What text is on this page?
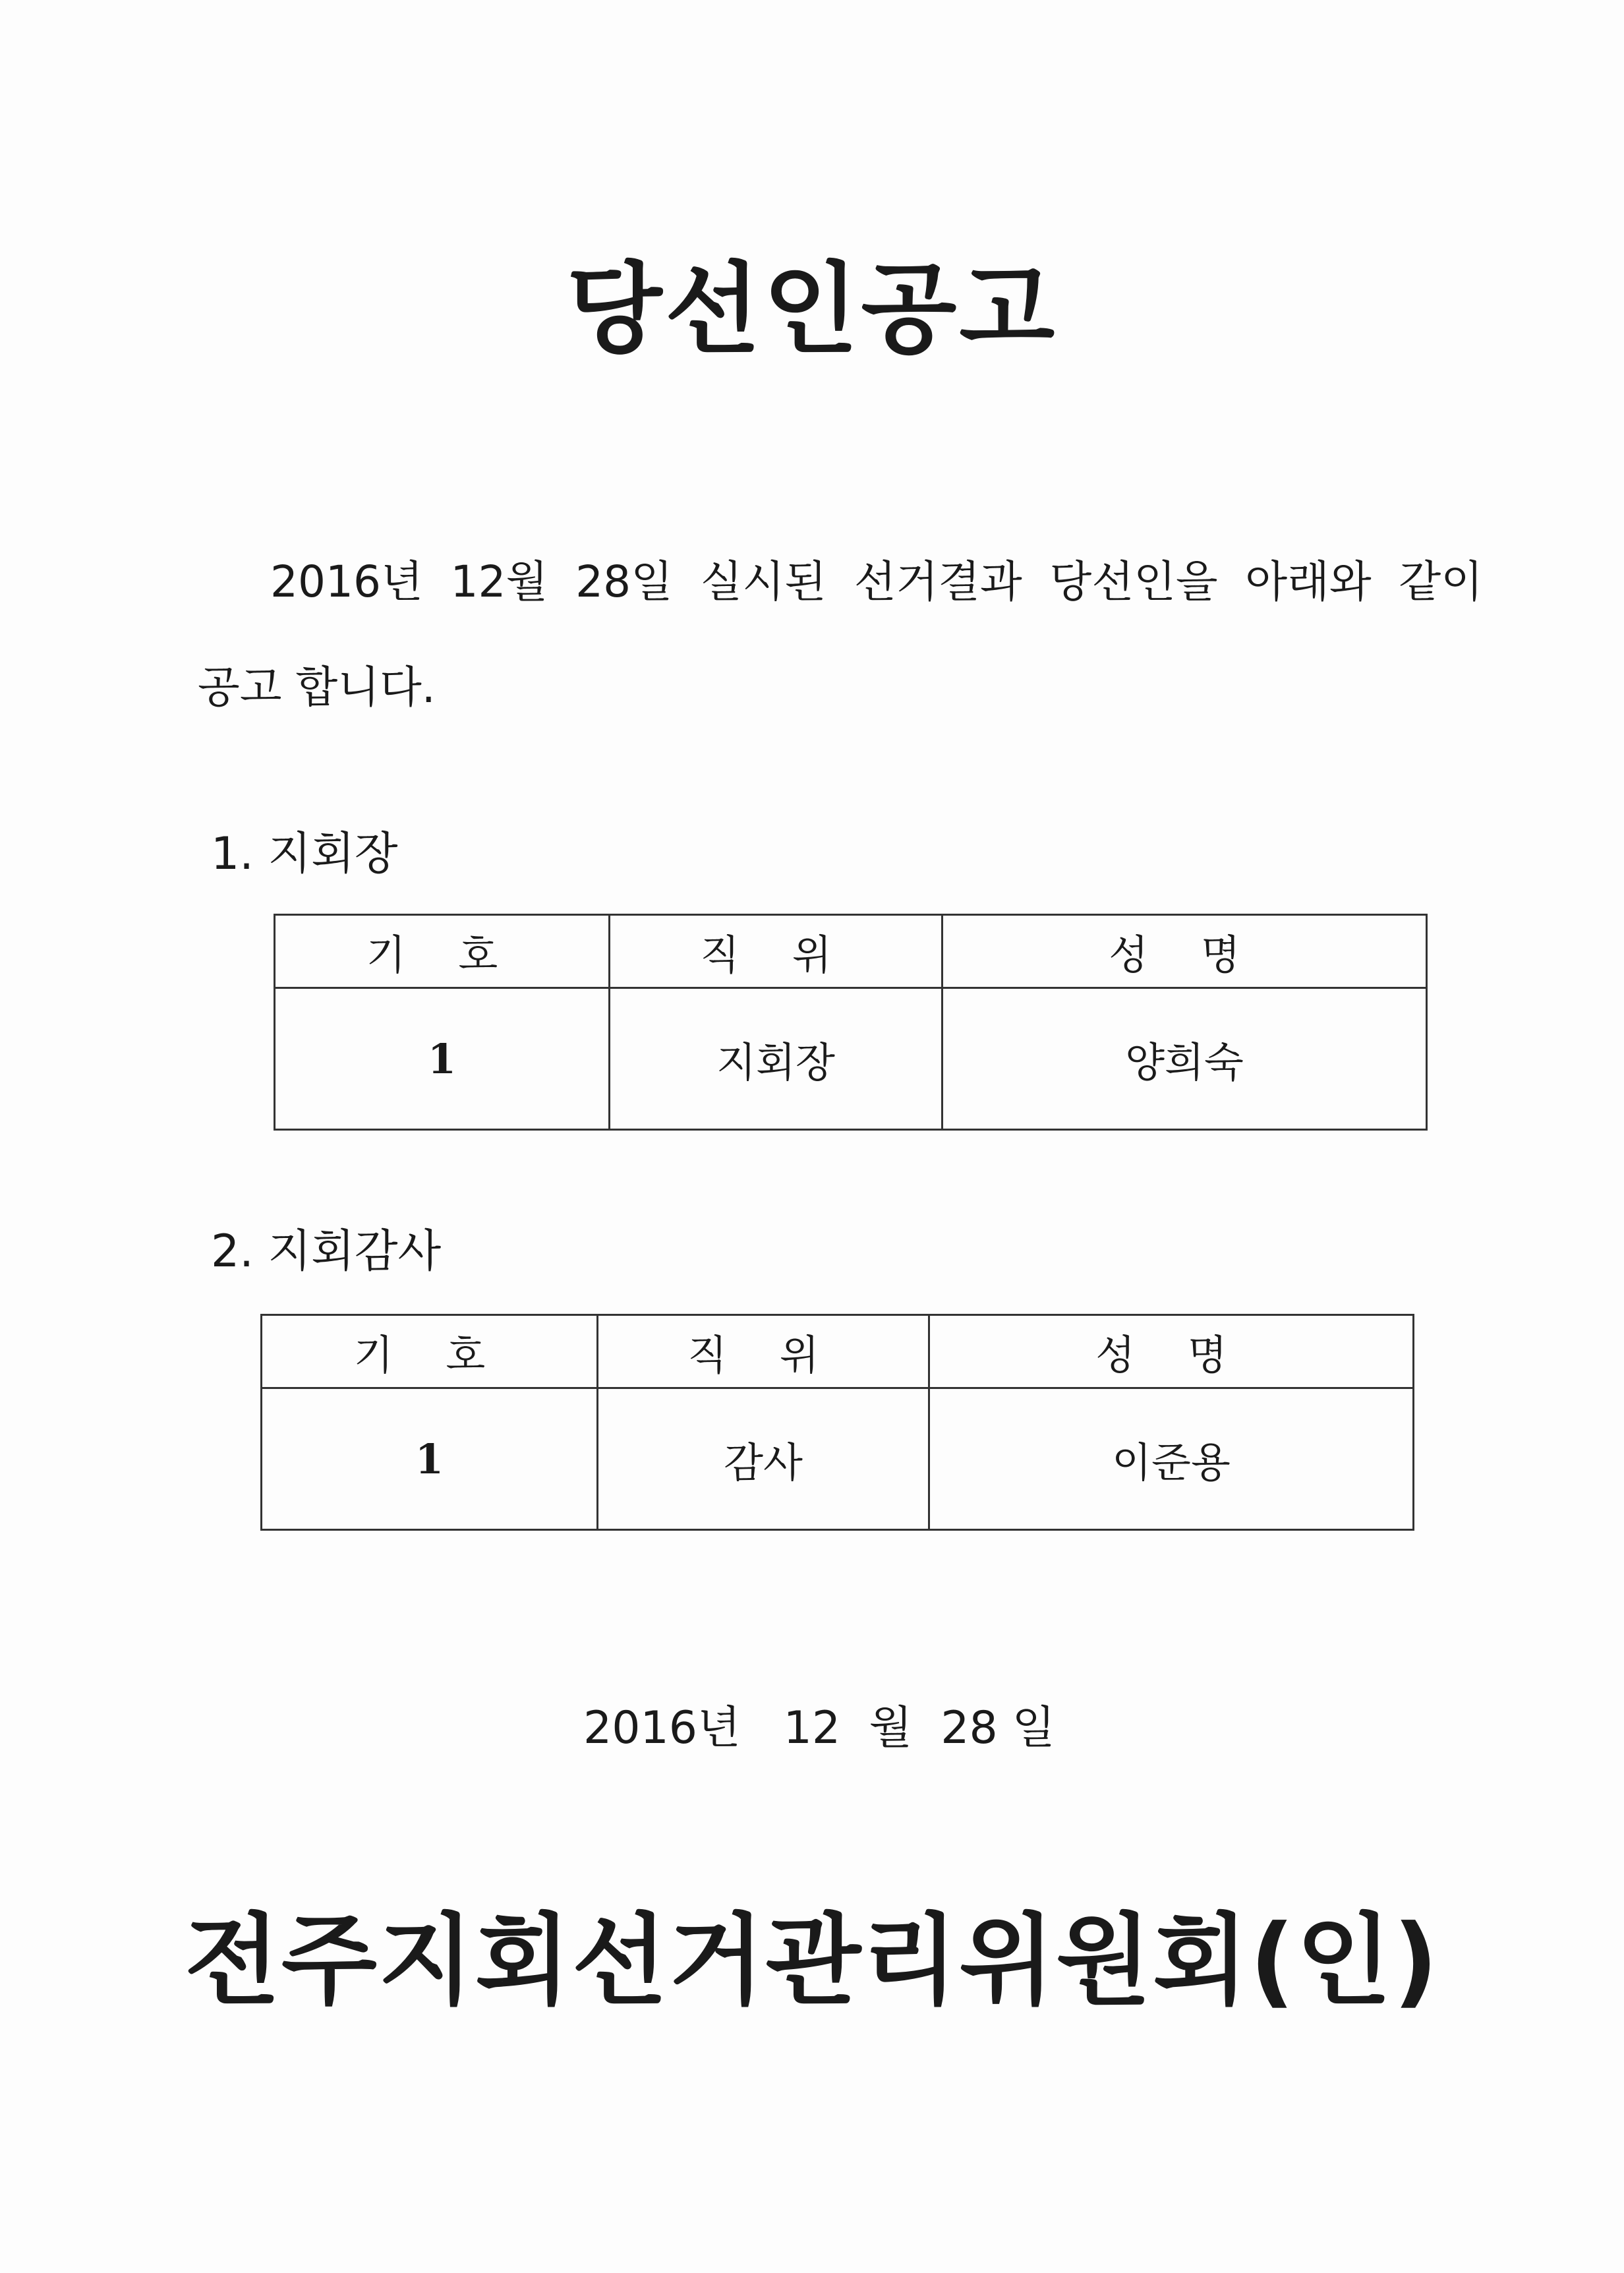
당선인공고
2016년 12월 28일 실시된 선거결과 당선인을 아래와 같이
공고 합니다.
1. 지회장
기 호	직 위	성 명
1	지회장	양희숙
2. 지회감사
기 호	직 위	성 명
1	감사	이준용
2016년   12  월  28 일
전주지회선거관리위원회(인)
